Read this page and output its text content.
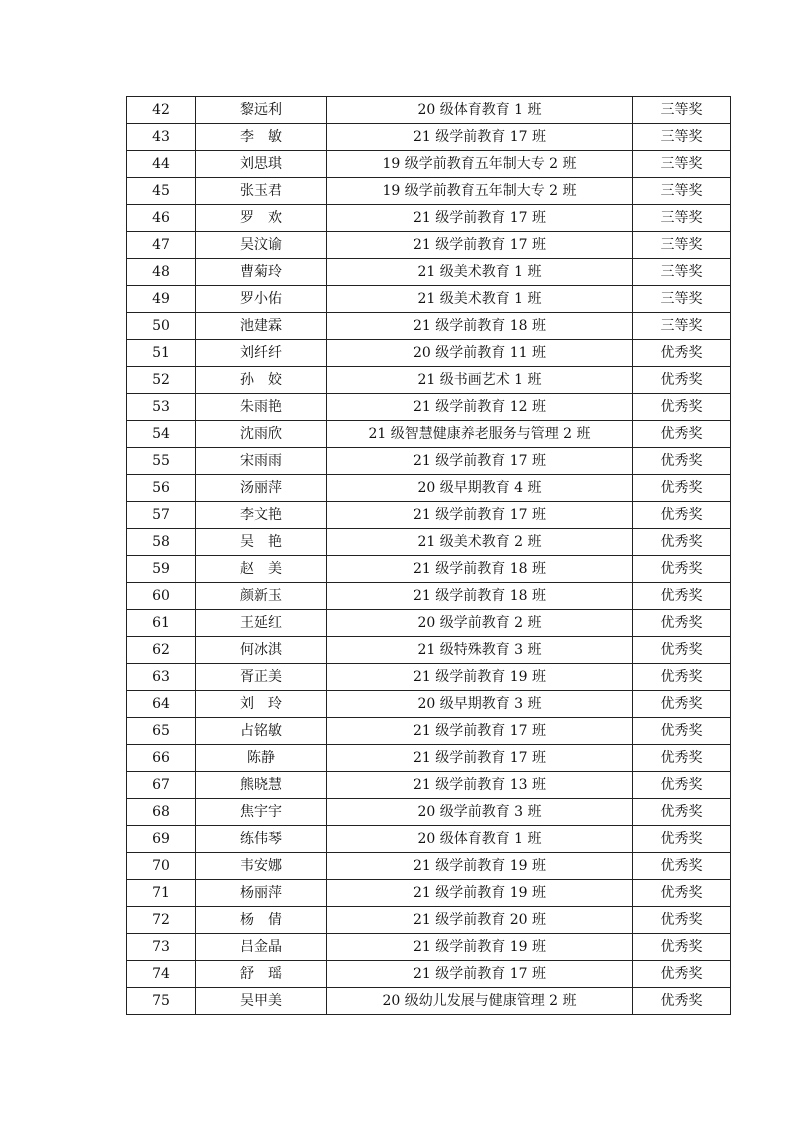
42	黎远利	20 级体育教育 1 班	三等奖
43	李　敏	21 级学前教育 17 班	三等奖
44	刘思琪	19 级学前教育五年制大专 2 班	三等奖
45	张玉君	19 级学前教育五年制大专 2 班	三等奖
46	罗　欢	21 级学前教育 17 班	三等奖
47	吴汶谕	21 级学前教育 17 班	三等奖
48	曹菊玲	21 级美术教育 1 班	三等奖
49	罗小佑	21 级美术教育 1 班	三等奖
50	池建霖	21 级学前教育 18 班	三等奖
51	刘纤纤	20 级学前教育 11 班	优秀奖
52	孙　姣	21 级书画艺术 1 班	优秀奖
53	朱雨艳	21 级学前教育 12 班	优秀奖
54	沈雨欣	21 级智慧健康养老服务与管理 2 班	优秀奖
55	宋雨雨	21 级学前教育 17 班	优秀奖
56	汤丽萍	20 级早期教育 4 班	优秀奖
57	李文艳	21 级学前教育 17 班	优秀奖
58	吴　艳	21 级美术教育 2 班	优秀奖
59	赵　美	21 级学前教育 18 班	优秀奖
60	颜新玉	21 级学前教育 18 班	优秀奖
61	王延红	20 级学前教育 2 班	优秀奖
62	何冰淇	21 级特殊教育 3 班	优秀奖
63	胥正美	21 级学前教育 19 班	优秀奖
64	刘　玲	20 级早期教育 3 班	优秀奖
65	占铭敏	21 级学前教育 17 班	优秀奖
66	陈静	21 级学前教育 17 班	优秀奖
67	熊晓慧	21 级学前教育 13 班	优秀奖
68	焦宇宇	20 级学前教育 3 班	优秀奖
69	练伟琴	20 级体育教育 1 班	优秀奖
70	韦安娜	21 级学前教育 19 班	优秀奖
71	杨丽萍	21 级学前教育 19 班	优秀奖
72	杨　倩	21 级学前教育 20 班	优秀奖
73	吕金晶	21 级学前教育 19 班	优秀奖
74	舒　瑶	21 级学前教育 17 班	优秀奖
75	吴甲美	20 级幼儿发展与健康管理 2 班	优秀奖
